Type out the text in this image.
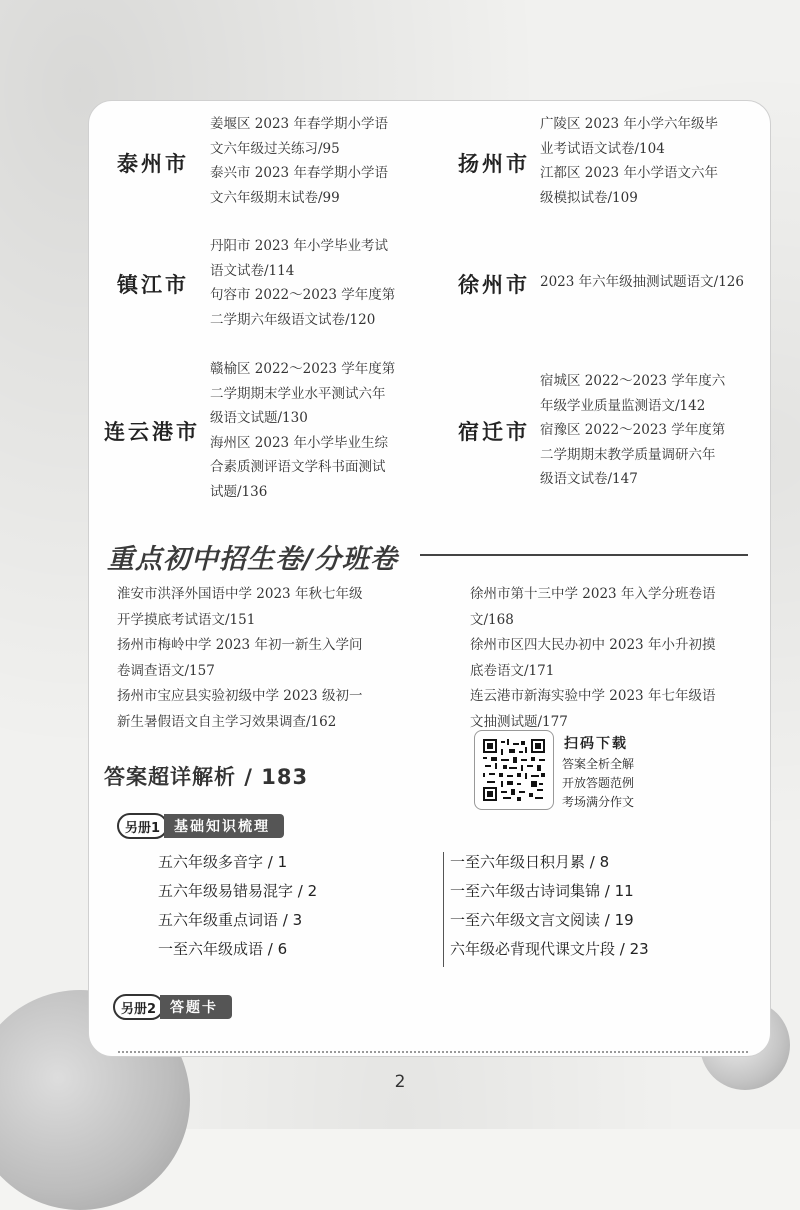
泰州市
姜堰区 2023 年春学期小学语
文六年级过关练习/95
泰兴市 2023 年春学期小学语
文六年级期末试卷/99
扬州市
广陵区 2023 年小学六年级毕
业考试语文试卷/104
江都区 2023 年小学语文六年
级模拟试卷/109
镇江市
丹阳市 2023 年小学毕业考试
语文试卷/114
句容市 2022～2023 学年度第
二学期六年级语文试卷/120
徐州市 2023 年六年级抽测试题语文/126
连云港市
赣榆区 2022～2023 学年度第
二学期期末学业水平测试六年
级语文试题/130
海州区 2023 年小学毕业生综
合素质测评语文学科书面测试
试题/136
宿迁市
宿城区 2022～2023 学年度六
年级学业质量监测语文/142
宿豫区 2022～2023 学年度第
二学期期末教学质量调研六年
级语文试卷/147
重点初中招生卷/分班卷
淮安市洪泽外国语中学 2023 年秋七年级
开学摸底考试语文/151
扬州市梅岭中学 2023 年初一新生入学问
卷调查语文/157
扬州市宝应县实验初级中学 2023 级初一
新生暑假语文自主学习效果调查/162
徐州市第十三中学 2023 年入学分班卷语
文/168
徐州市区四大民办初中 2023 年小升初摸
底卷语文/171
连云港市新海实验中学 2023 年七年级语
文抽测试题/177
答案超详解析 / 183
扫码下载
答案全析全解
开放答题范例
考场满分作文
另册1	基础知识梳理
五六年级多音字 / 1
五六年级易错易混字 / 2
五六年级重点词语 / 3
一至六年级成语 / 6
一至六年级日积月累 / 8
一至六年级古诗词集锦 / 11
一至六年级文言文阅读 / 19
六年级必背现代课文片段 / 23
另册2	答题卡
2
